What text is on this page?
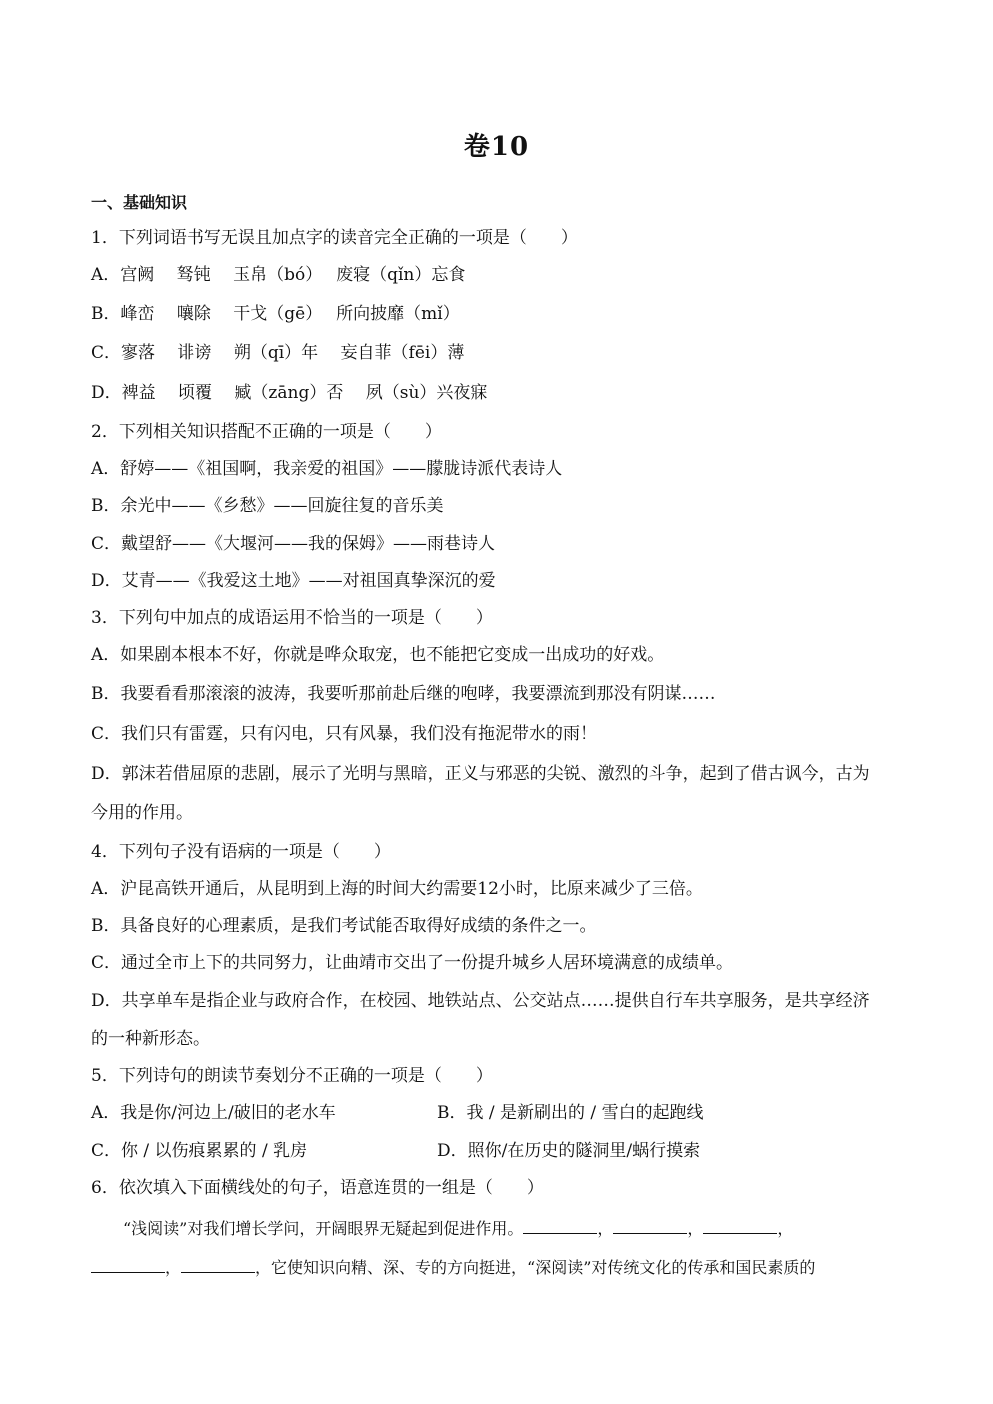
卷10
一、基础知识
1．下列词语书写无误且加点字的读音完全正确的一项是（　　）
A．宫阙　 驽钝　 玉帛（bó）　 废寝（qǐn）忘食
B．峰峦　 嚷除　 干戈（gē）　 所向披靡（mǐ）
C．寥落　 诽谤　 朔（qī）年　 妄自菲（fēi）薄
D．裨益　 顷覆　 臧（zāng）否　 夙（sù）兴夜寐
2．下列相关知识搭配不正确的一项是（　　）
A．舒婷——《祖国啊，我亲爱的祖国》——朦胧诗派代表诗人
B．余光中——《乡愁》——回旋往复的音乐美
C．戴望舒——《大堰河——我的保姆》——雨巷诗人
D．艾青——《我爱这土地》——对祖国真挚深沉的爱
3．下列句中加点的成语运用不恰当的一项是（　　）
A．如果剧本根本不好，你就是哗众取宠，也不能把它变成一出成功的好戏。
B．我要看看那滚滚的波涛，我要听那前赴后继的咆哮，我要漂流到那没有阴谋……
C．我们只有雷霆，只有闪电，只有风暴，我们没有拖泥带水的雨！
D．郭沫若借屈原的悲剧，展示了光明与黑暗，正义与邪恶的尖锐、激烈的斗争，起到了借古讽今，古为
今用的作用。
4．下列句子没有语病的一项是（　　）
A．沪昆高铁开通后，从昆明到上海的时间大约需要12小时，比原来减少了三倍。
B．具备良好的心理素质，是我们考试能否取得好成绩的条件之一。
C．通过全市上下的共同努力，让曲靖市交出了一份提升城乡人居环境满意的成绩单。
D．共享单车是指企业与政府合作，在校园、地铁站点、公交站点……提供自行车共享服务，是共享经济
的一种新形态。
5．下列诗句的朗读节奏划分不正确的一项是（　　）
A．我是你/河边上/破旧的老水车	B．我 / 是新刷出的 / 雪白的起跑线
C．你 / 以伤痕累累的 / 乳房	D．照你/在历史的隧洞里/蜗行摸索
6．依次填入下面横线处的句子，语意连贯的一组是（　　）
“浅阅读”对我们增长学问，开阔眼界无疑起到促进作用。	，	，	，
，	，它使知识向精、深、专的方向挺进，“深阅读”对传统文化的传承和国民素质的
